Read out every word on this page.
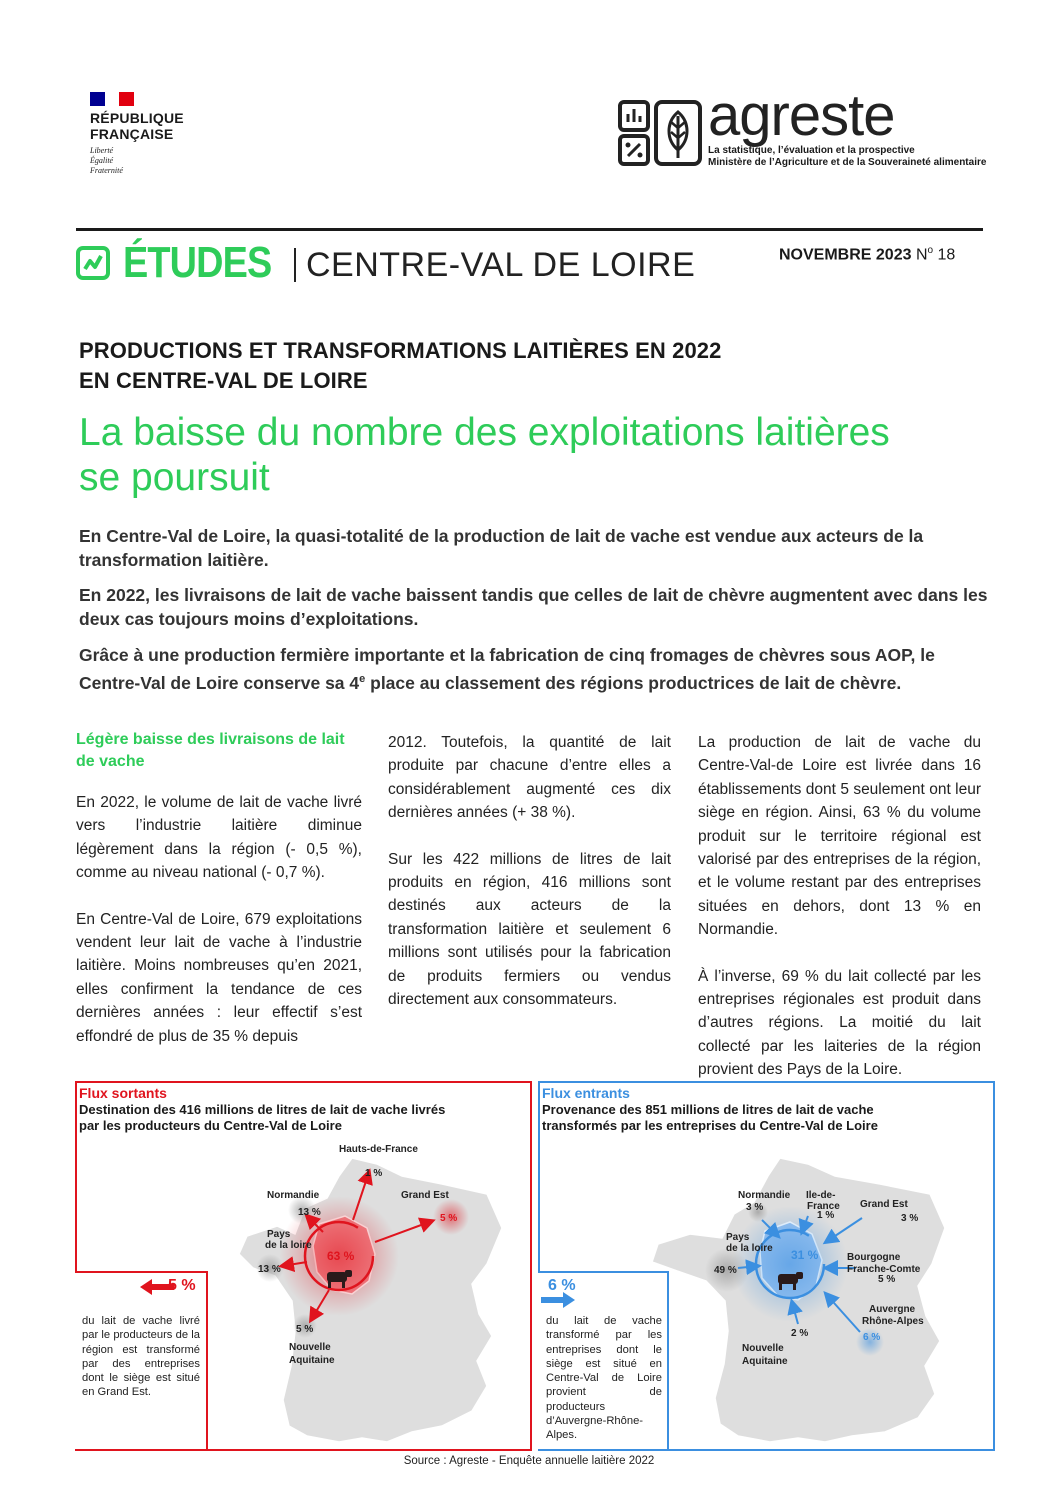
RÉPUBLIQUE
FRANÇAISE
Liberté
Égalité
Fraternité
agreste
La statistique, l’évaluation et la prospective
Ministère de l’Agriculture et de la Souveraineté alimentaire
ÉTUDES	CENTRE-VAL DE LOIRE	NOVEMBRE 2023 $N^o$ 18
PRODUCTIONS ET TRANSFORMATIONS LAITIÈRES EN 2022
EN CENTRE-VAL DE LOIRE
La baisse du nombre des exploitations laitières
se poursuit
En Centre-Val de Loire, la quasi-totalité de la production de lait de vache est vendue aux acteurs de la transformation laitière.
En 2022, les livraisons de lait de vache baissent tandis que celles de lait de chèvre augmentent avec dans les deux cas toujours moins d’exploitations.
Grâce à une production fermière importante et la fabrication de cinq fromages de chèvres sous AOP, le Centre-Val de Loire conserve sa 4e place au classement des régions productrices de lait de chèvre.
Légère baisse des livraisons de lait de vache

En 2022, le volume de lait de vache livré vers l’industrie laitière diminue légèrement dans la région (- 0,5 %), comme au niveau national (- 0,7 %).

En Centre-Val de Loire, 679 exploitations vendent leur lait de vache à l’industrie laitière. Moins nombreuses qu’en 2021, elles confirment la tendance de ces dernières années : leur effectif s’est effondré de plus de 35 % depuis

2012. Toutefois, la quantité de lait produite par chacune d’entre elles a considérablement augmenté ces dix dernières années (+ 38 %).

Sur les 422 millions de litres de lait produits en région, 416 millions sont destinés aux acteurs de la transformation laitière et seulement 6 millions sont utilisés pour la fabrication de produits fermiers ou vendus directement aux consommateurs.

La production de lait de vache du Centre-Val-de Loire est livrée dans 16 établissements dont 5 seulement ont leur siège en région. Ainsi, 63 % du volume produit sur le territoire régional est valorisé par des entreprises de la région, et le volume restant par des entreprises situées en dehors, dont 13 % en Normandie.

À l’inverse, 69 % du lait collecté par les entreprises régionales est produit dans d’autres régions. La moitié du lait collecté par les laiteries de la région provient des Pays de la Loire.

Flux sortants
Destination des 416 millions de litres de lait de vache livrés
par les producteurs du Centre-Val de Loire
Hauts-de-France
1 %
Normandie
13 %
Grand Est
5 %
Pays
de la loire
13 %
63 %
5 %
Nouvelle
Aquitaine
5 %
du lait de vache livré par le producteurs de la région est transformé par des entreprises dont le siège est situé en Grand Est.
Flux entrants
Provenance des 851 millions de litres de lait de vache
transformés par les entreprises du Centre-Val de Loire
Normandie
3 %
Ile-de-
France
1 %
Grand Est
3 %
Pays
de la loire
49 %
31 %	Bourgogne
Franche-Comte
5 %
Auvergne
Rhône-Alpes
6 %
2 %
Nouvelle
Aquitaine
6 %
du lait de vache transformé par les entreprises dont le siège est situé en Centre-Val de Loire provient de producteurs d’Auvergne-Rhône-Alpes.
Source : Agreste - Enquête annuelle laitière 2022
